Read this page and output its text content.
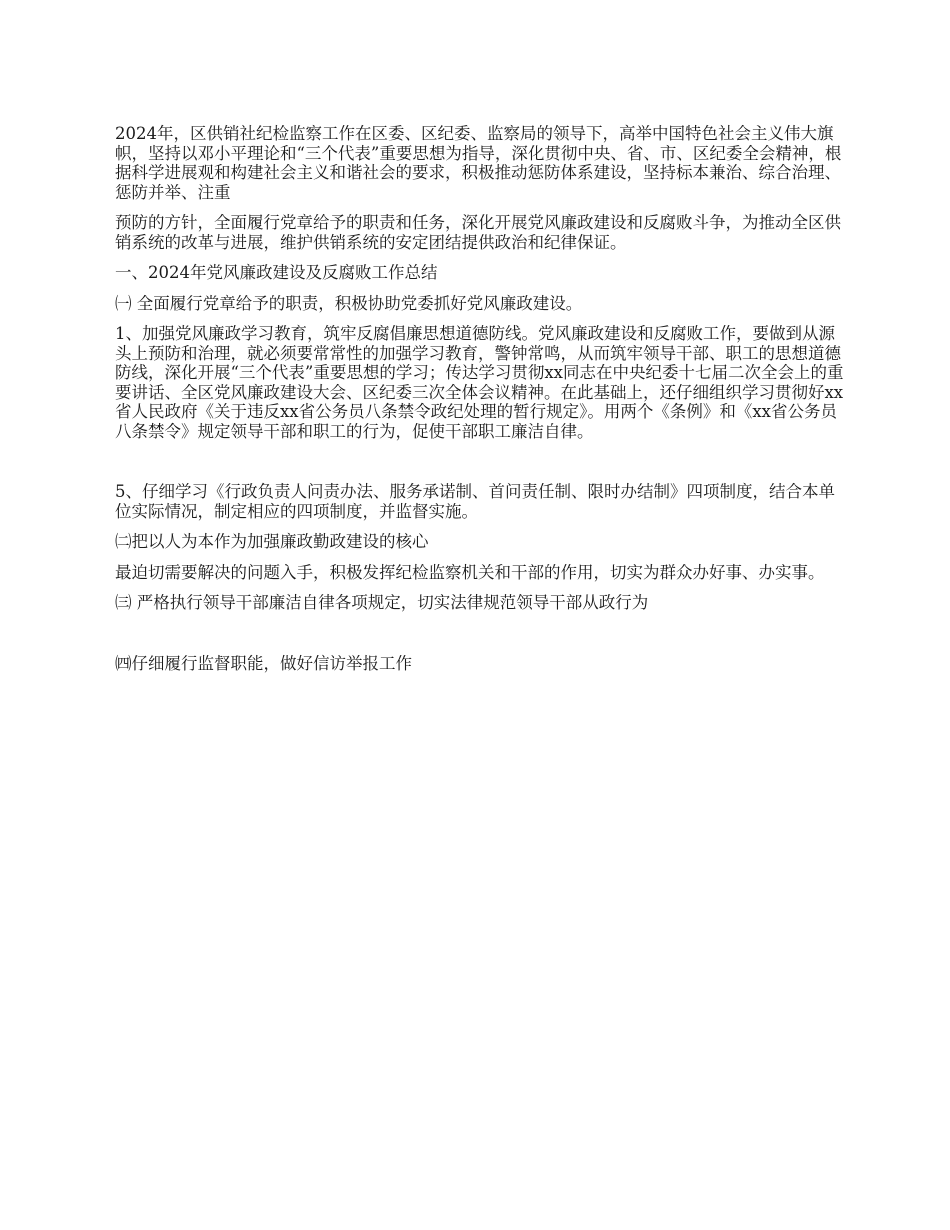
2024年，区供销社纪检监察工作在区委、区纪委、监察局的领导下，高举中国特色社会主义伟大旗帜，坚持以邓小平理论和“三个代表”重要思想为指导，深化贯彻中央、省、市、区纪委全会精神，根据科学进展观和构建社会主义和谐社会的要求，积极推动惩防体系建设，坚持标本兼治、综合治理、惩防并举、注重

预防的方针，全面履行党章给予的职责和任务，深化开展党风廉政建设和反腐败斗争，为推动全区供销系统的改革与进展，维护供销系统的安定团结提供政治和纪律保证。

一、2024年党风廉政建设及反腐败工作总结

㈠ 全面履行党章给予的职责，积极协助党委抓好党风廉政建设。

1、加强党风廉政学习教育，筑牢反腐倡廉思想道德防线。党风廉政建设和反腐败工作，要做到从源头上预防和治理，就必须要常常性的加强学习教育，警钟常鸣，从而筑牢领导干部、职工的思想道德防线，深化开展“三个代表”重要思想的学习；传达学习贯彻xx同志在中央纪委十七届二次全会上的重要讲话、全区党风廉政建设大会、区纪委三次全体会议精神。在此基础上，还仔细组织学习贯彻好xx省人民政府《关于违反xx省公务员八条禁令政纪处理的暂行规定》。用两个《条例》和《xx省公务员八条禁令》规定领导干部和职工的行为，促使干部职工廉洁自律。

5、仔细学习《行政负责人问责办法、服务承诺制、首问责任制、限时办结制》四项制度，结合本单位实际情况，制定相应的四项制度，并监督实施。

㈡把以人为本作为加强廉政勤政建设的核心

最迫切需要解决的问题入手，积极发挥纪检监察机关和干部的作用，切实为群众办好事、办实事。

㈢ 严格执行领导干部廉洁自律各项规定，切实法律规范领导干部从政行为

㈣仔细履行监督职能，做好信访举报工作
